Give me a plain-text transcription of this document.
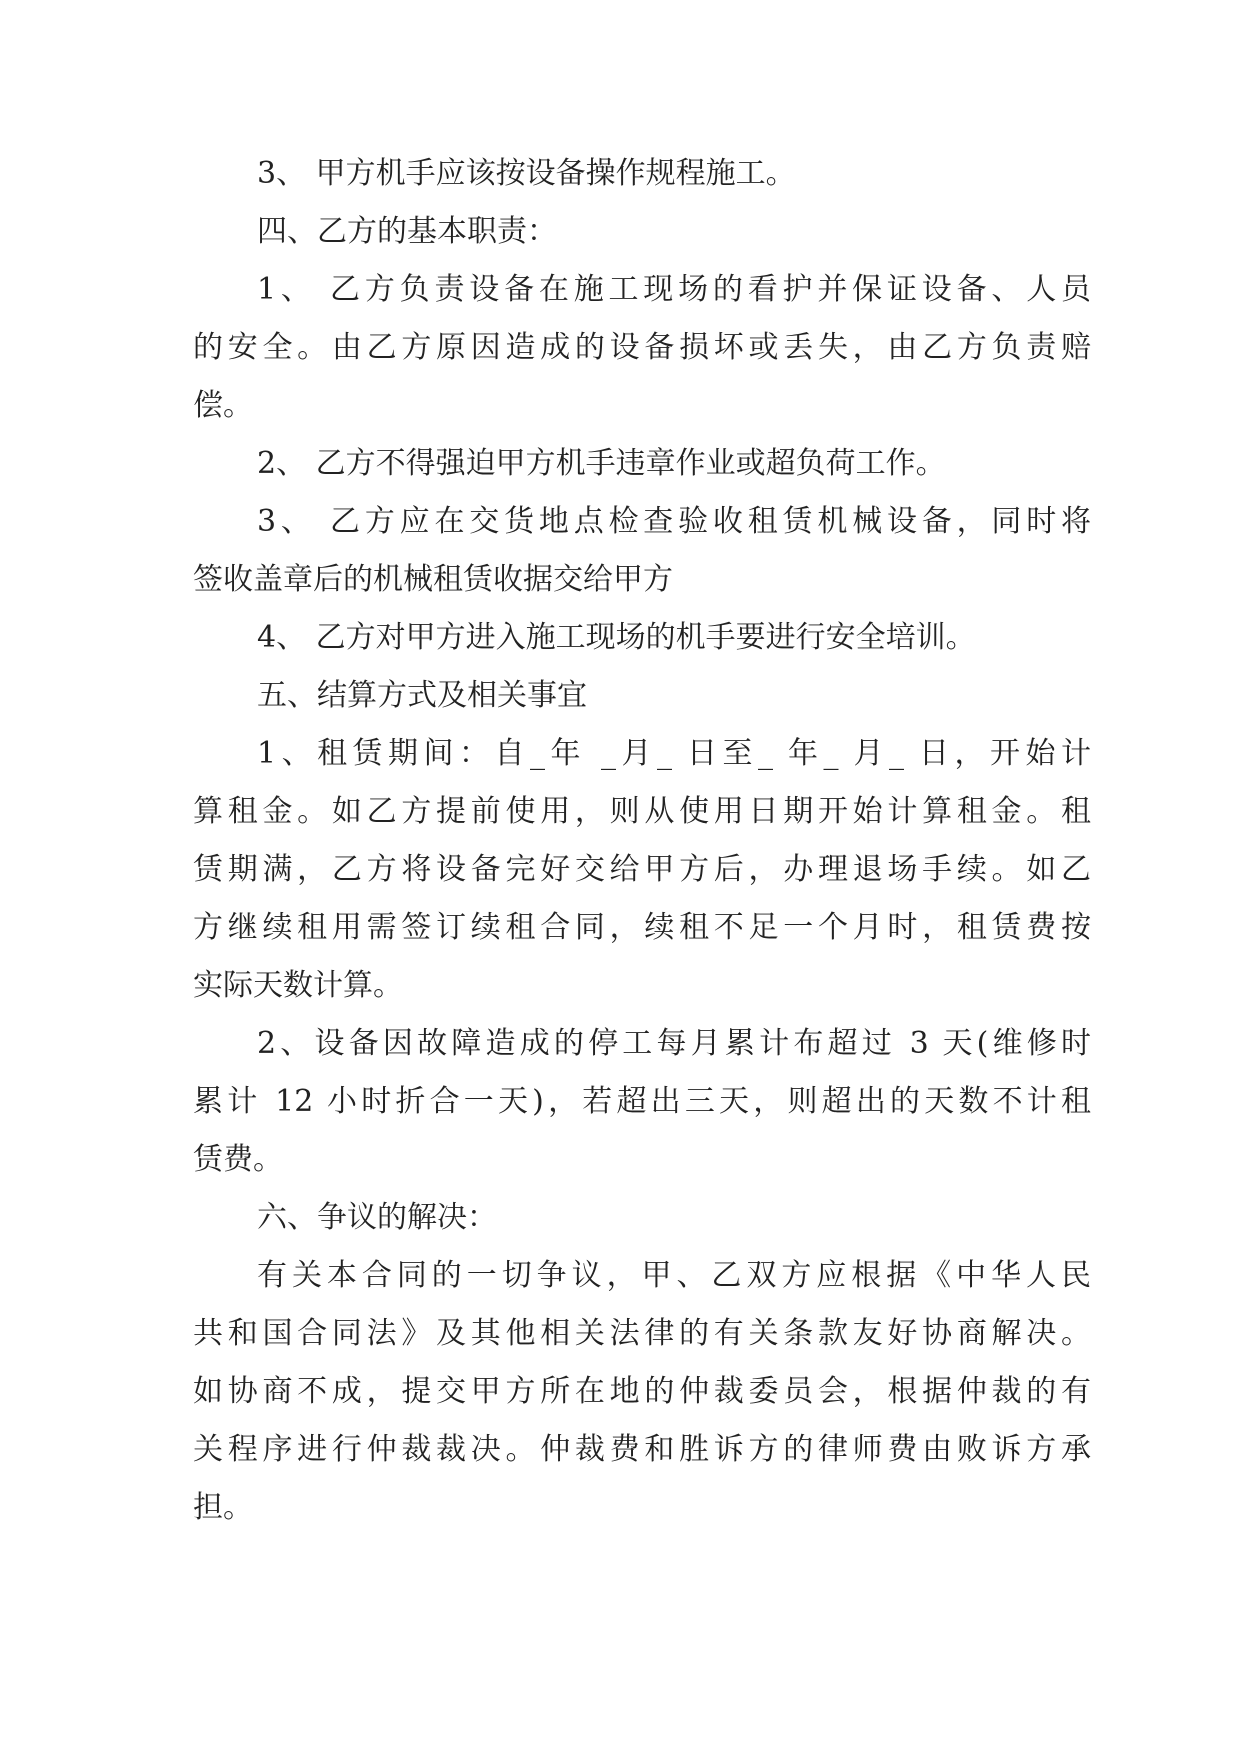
3、 甲方机手应该按设备操作规程施工。
四、乙方的基本职责：
1、 乙方负责设备在施工现场的看护并保证设备、人员
的安全。由乙方原因造成的设备损坏或丢失，由乙方负责赔
偿。
2、 乙方不得强迫甲方机手违章作业或超负荷工作。
3、 乙方应在交货地点检查验收租赁机械设备，同时将
签收盖章后的机械租赁收据交给甲方
4、 乙方对甲方进入施工现场的机手要进行安全培训。
五、结算方式及相关事宜
1、租赁期间：自_年 _月_ 日至_ 年_ 月_ 日，开始计
算租金。如乙方提前使用，则从使用日期开始计算租金。租
赁期满，乙方将设备完好交给甲方后，办理退场手续。如乙
方继续租用需签订续租合同，续租不足一个月时，租赁费按
实际天数计算。
2、设备因故障造成的停工每月累计布超过 3 天(维修时
累计 12 小时折合一天)，若超出三天，则超出的天数不计租
赁费。
六、争议的解决：
有关本合同的一切争议，甲、乙双方应根据《中华人民
共和国合同法》及其他相关法律的有关条款友好协商解决。
如协商不成，提交甲方所在地的仲裁委员会，根据仲裁的有
关程序进行仲裁裁决。仲裁费和胜诉方的律师费由败诉方承
担。
